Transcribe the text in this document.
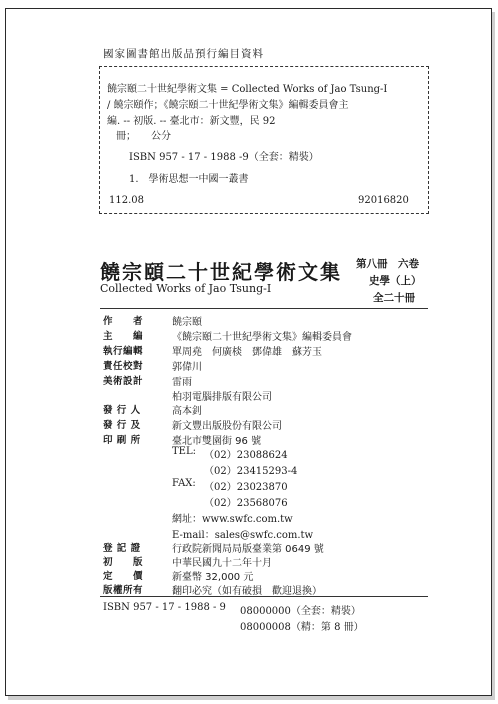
國家圖書館出版品預行編目資料
饒宗頤二十世紀學術文集 = Collected Works of Jao Tsung-I
/ 饒宗頤作；《饒宗頤二十世紀學術文集》編輯委員會主
編. -- 初版. -- 臺北市：新文豐，民 92
冊；　　公分
ISBN 957 - 17 - 1988 -9（全套：精裝）
1.　學術思想一中國一叢書
112.08	92016820
饒宗頤二十世紀學術文集
Collected Works of Jao Tsung-I
第八冊　六卷
史學（上）
全二十冊
作　　者	饒宗頤
主　　編	《饒宗頤二十世紀學術文集》編輯委員會
執行編輯	單周堯　何廣棪　鄧偉雄　蘇芳玉
責任校對	郭偉川
美術設計	雷雨
柏羽電腦排版有限公司
發 行 人	高本釗
發 行 及	新文豐出版股份有限公司
印 刷 所	臺北市雙園街 96 號
TEL: （02）23088624
（02）23415293-4
FAX: （02）23023870
（02）23568076
網址：www.swfc.com.tw
E-mail：sales@swfc.com.tw
登 記 證	行政院新聞局局版臺業第 0649 號
初　　版	中華民國九十二年十月
定　　價	新臺幣 32,000 元
版權所有	翻印必究（如有破損　歡迎退換）
ISBN 957 - 17 - 1988 - 9 08000000（全套：精裝）
08000008（精：第 8 冊）
